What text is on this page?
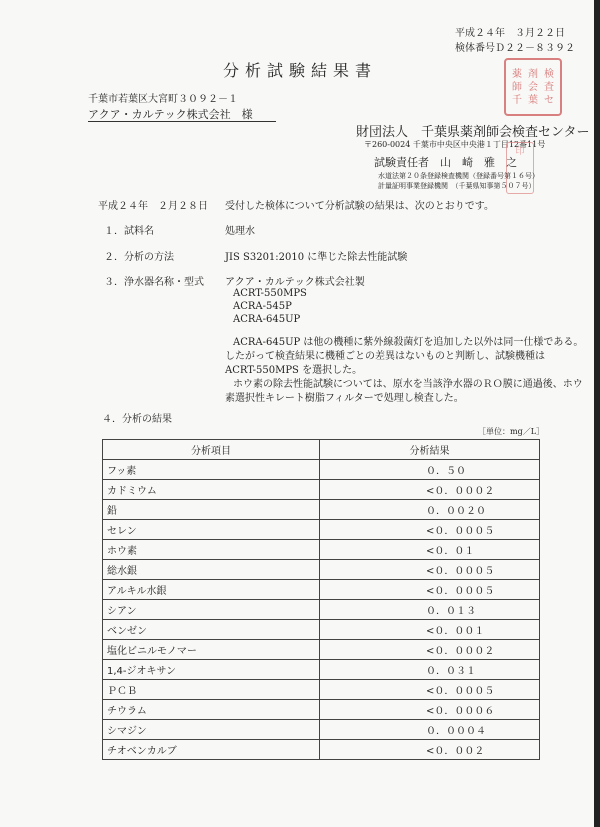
平成２４年　３月２２日
検体番号Ｄ２２－８３９２
薬 剤 検
師 会 査
千 葉 セ
分析試験結果書
千葉市若葉区大宮町３０９２－１
アクア・カルテック株式会社　様
財団法人　千葉県薬剤師会検査センター
〒260-0024 千葉市中央区中央港１丁目12番11号
試験責任者 山　崎　雅　之
印
水道法第２０条登録検査機関（登録番号第１６号）
計量証明事業登録機関　（千葉県知事第５０７号）
平成２４年　２月２８日 受付した検体について分析試験の結果は、次のとおりです。
１．試料名	処理水
２．分析の方法	JIS S3201:2010 に準じた除去性能試験
３．浄水器名称・型式 アクア・カルテック株式会社製
ACRT-550MPS
ACRA-545P
ACRA-645UP
ACRA-645UP は他の機種に紫外線殺菌灯を追加した以外は同一仕様である。
したがって検査結果に機種ごとの差異はないものと判断し、試験機種は
ACRT-550MPS を選択した。
ホウ素の除去性能試験については、原水を当該浄水器のＲＯ膜に通過後、ホウ
素選択性キレート樹脂フィルターで処理し検査した。
４．分析の結果
［単位：mg／L］
分析項目	分析結果
フッ素	０．５０
カドミウム	<０．０００２
鉛	０．００２０
セレン	<０．０００５
ホウ素	<０．０１
総水銀	<０．０００５
アルキル水銀	<０．０００５
シアン	０．０１３
ベンゼン	<０．００１
塩化ビニルモノマー	<０．０００２
1,4-ジオキサン	０．０３１
ＰＣＢ	<０．０００５
チウラム	<０．０００６
シマジン	０．０００４
チオベンカルブ	<０．００２
